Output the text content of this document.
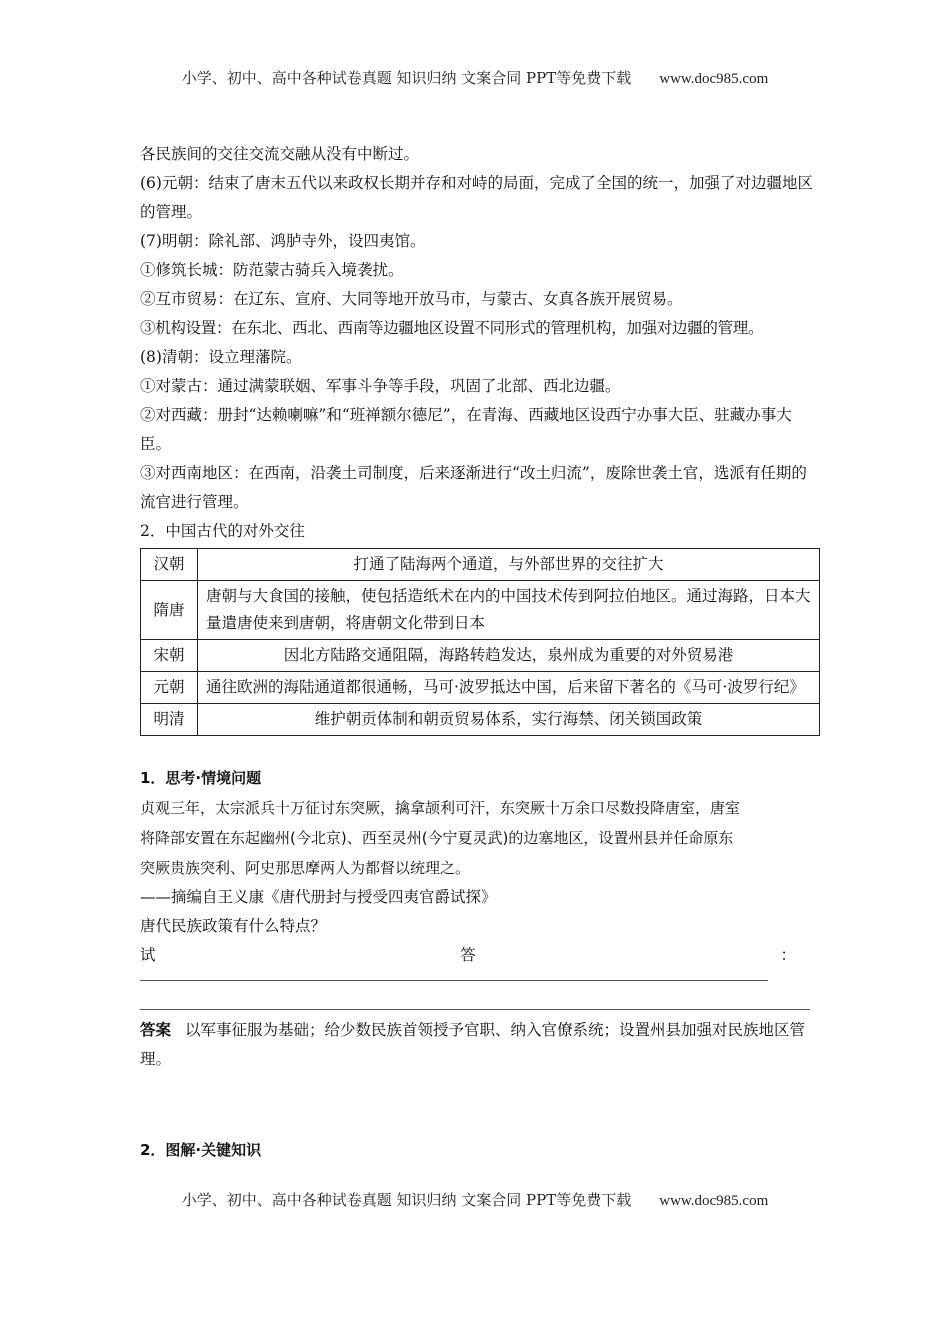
小学、初中、高中各种试卷真题 知识归纳 文案合同 PPT等免费下载 www.doc985.com
各民族间的交往交流交融从没有中断过。
(6)元朝：结束了唐末五代以来政权长期并存和对峙的局面，完成了全国的统一，加强了对边疆地区的管理。
(7)明朝：除礼部、鸿胪寺外，设四夷馆。
①修筑长城：防范蒙古骑兵入境袭扰。
②互市贸易：在辽东、宣府、大同等地开放马市，与蒙古、女真各族开展贸易。
③机构设置：在东北、西北、西南等边疆地区设置不同形式的管理机构，加强对边疆的管理。
(8)清朝：设立理藩院。
①对蒙古：通过满蒙联姻、军事斗争等手段，巩固了北部、西北边疆。
②对西藏：册封“达赖喇嘛”和“班禅额尔德尼”，在青海、西藏地区设西宁办事大臣、驻藏办事大臣。
③对西南地区：在西南，沿袭土司制度，后来逐渐进行“改土归流”，废除世袭土官，选派有任期的流官进行管理。
2．中国古代的对外交往
汉朝	打通了陆海两个通道，与外部世界的交往扩大
隋唐	唐朝与大食国的接触，使包括造纸术在内的中国技术传到阿拉伯地区。通过海路，日本大量遣唐使来到唐朝，将唐朝文化带到日本
宋朝	因北方陆路交通阻隔，海路转趋发达，泉州成为重要的对外贸易港
元朝	通往欧洲的海陆通道都很通畅，马可·波罗抵达中国，后来留下著名的《马可·波罗行纪》
明清	维护朝贡体制和朝贡贸易体系，实行海禁、闭关锁国政策
1．思考·情境问题
贞观三年，太宗派兵十万征讨东突厥，擒拿颉利可汗，东突厥十万余口尽数投降唐室，唐室
将降部安置在东起幽州(今北京)、西至灵州(今宁夏灵武)的边塞地区，设置州县并任命原东
突厥贵族突利、阿史那思摩两人为都督以统理之。
——摘编自王义康《唐代册封与授受四夷官爵试探》
唐代民族政策有什么特点？
试	答	：
答案 以军事征服为基础；给少数民族首领授予官职、纳入官僚系统；设置州县加强对民族地区管理。
2．图解·关键知识
小学、初中、高中各种试卷真题 知识归纳 文案合同 PPT等免费下载 www.doc985.com
